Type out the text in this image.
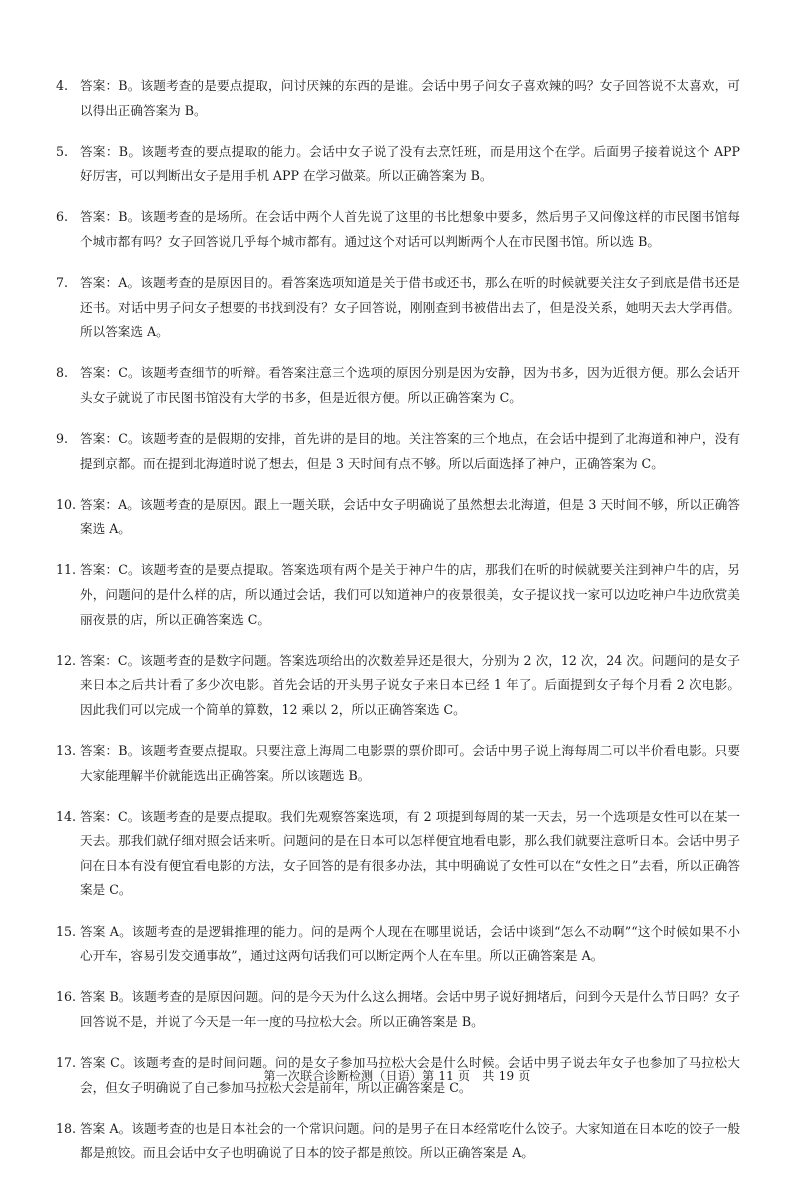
4. 答案：B。该题考查的是要点提取，问讨厌辣的东西的是谁。会话中男子问女子喜欢辣的吗？女子回答说不太喜欢，可以得出正确答案为 B。
5. 答案：B。该题考查的要点提取的能力。会话中女子说了没有去烹饪班，而是用这个在学。后面男子接着说这个 APP 好厉害，可以判断出女子是用手机 APP 在学习做菜。所以正确答案为 B。
6. 答案：B。该题考查的是场所。在会话中两个人首先说了这里的书比想象中要多，然后男子又问像这样的市民图书馆每个城市都有吗？女子回答说几乎每个城市都有。通过这个对话可以判断两个人在市民图书馆。所以选 B。
7. 答案：A。该题考查的是原因目的。看答案选项知道是关于借书或还书，那么在听的时候就要关注女子到底是借书还是还书。对话中男子问女子想要的书找到没有？女子回答说，刚刚查到书被借出去了，但是没关系，她明天去大学再借。所以答案选 A。
8. 答案：C。该题考查细节的听辩。看答案注意三个选项的原因分别是因为安静，因为书多，因为近很方便。那么会话开头女子就说了市民图书馆没有大学的书多，但是近很方便。所以正确答案为 C。
9. 答案：C。该题考查的是假期的安排，首先讲的是目的地。关注答案的三个地点，在会话中提到了北海道和神户，没有提到京都。而在提到北海道时说了想去，但是 3 天时间有点不够。所以后面选择了神户，正确答案为 C。
10. 答案：A。该题考查的是原因。跟上一题关联，会话中女子明确说了虽然想去北海道，但是 3 天时间不够，所以正确答案选 A。
11. 答案：C。该题考查的是要点提取。答案选项有两个是关于神户牛的店，那我们在听的时候就要关注到神户牛的店，另外，问题问的是什么样的店，所以通过会话，我们可以知道神户的夜景很美，女子提议找一家可以边吃神户牛边欣赏美丽夜景的店，所以正确答案选 C。
12. 答案：C。该题考查的是数字问题。答案选项给出的次数差异还是很大，分别为 2 次，12 次，24 次。问题问的是女子来日本之后共计看了多少次电影。首先会话的开头男子说女子来日本已经 1 年了。后面提到女子每个月看 2 次电影。因此我们可以完成一个简单的算数，12 乘以 2，所以正确答案选 C。
13. 答案：B。该题考查要点提取。只要注意上海周二电影票的票价即可。会话中男子说上海每周二可以半价看电影。只要大家能理解半价就能选出正确答案。所以该题选 B。
14. 答案：C。该题考查的是要点提取。我们先观察答案选项，有 2 项提到每周的某一天去，另一个选项是女性可以在某一天去。那我们就仔细对照会话来听。问题问的是在日本可以怎样便宜地看电影，那么我们就要注意听日本。会话中男子问在日本有没有便宜看电影的方法，女子回答的是有很多办法，其中明确说了女性可以在“女性之日”去看，所以正确答案是 C。
15. 答案 A。该题考查的是逻辑推理的能力。问的是两个人现在在哪里说话，会话中谈到“怎么不动啊”“这个时候如果不小心开车，容易引发交通事故”，通过这两句话我们可以断定两个人在车里。所以正确答案是 A。
16. 答案 B。该题考查的是原因问题。问的是今天为什么这么拥堵。会话中男子说好拥堵后，问到今天是什么节日吗？女子回答说不是，并说了今天是一年一度的马拉松大会。所以正确答案是 B。
17. 答案 C。该题考查的是时间问题。问的是女子参加马拉松大会是什么时候。会话中男子说去年女子也参加了马拉松大会，但女子明确说了自己参加马拉松大会是前年，所以正确答案是 C。
18. 答案 A。该题考查的也是日本社会的一个常识问题。问的是男子在日本经常吃什么饺子。大家知道在日本吃的饺子一般都是煎饺。而且会话中女子也明确说了日本的饺子都是煎饺。所以正确答案是 A。
第一次联合诊断检测（日语）第 11 页　共 19 页
